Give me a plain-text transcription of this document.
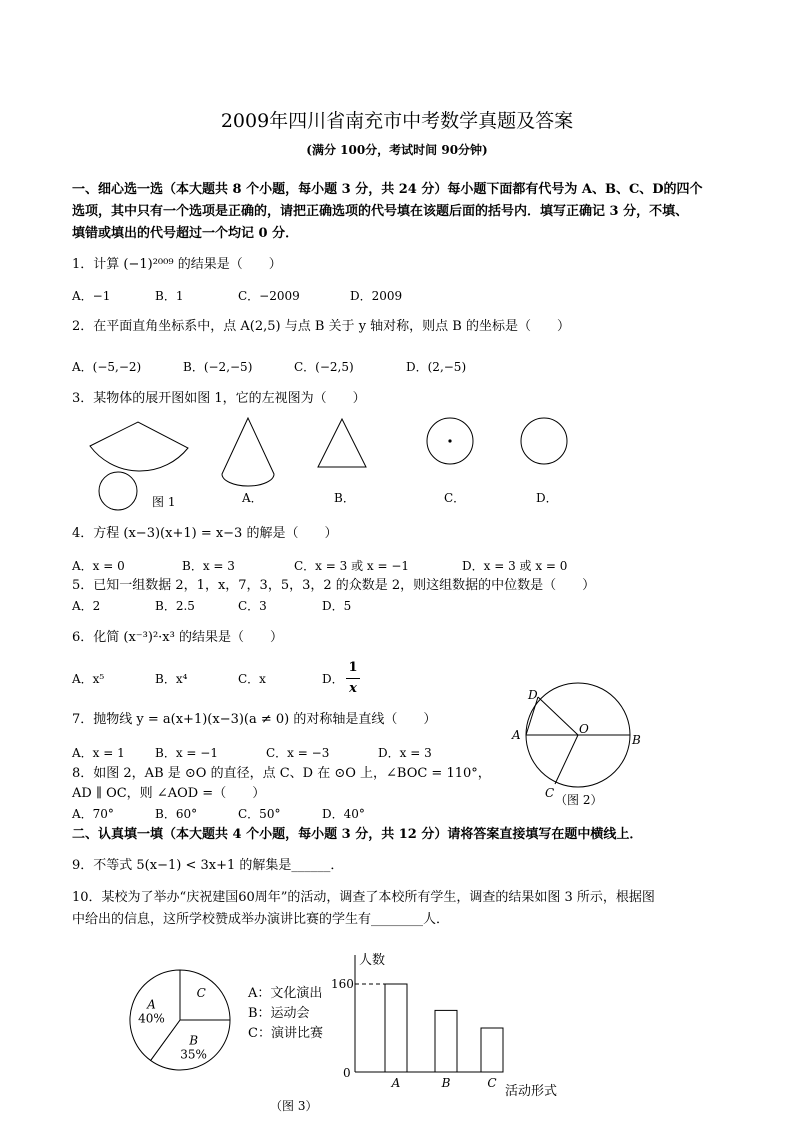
2009年四川省南充市中考数学真题及答案
(满分 100分，考试时间 90分钟)
一、细心选一选（本大题共 8 个小题，每小题 3 分，共 24 分）每小题下面都有代号为 A、B、C、D的四个
选项，其中只有一个选项是正确的，请把正确选项的代号填在该题后面的括号内．填写正确记 3 分，不填、
填错或填出的代号超过一个均记 0 分．
1．计算 (−1)²⁰⁰⁹ 的结果是（　　）
A．−1	B．1	C．−2009	D．2009
2．在平面直角坐标系中，点 A(2,5) 与点 B 关于 y 轴对称，则点 B 的坐标是（　　）
A．(−5,−2)	B．(−2,−5)	C．(−2,5)	D．(2,−5)
3．某物体的展开图如图 1，它的左视图为（　　）
图 1	A．	B．	C．	D．
4．方程 (x−3)(x+1) = x−3 的解是（　　）
A．x = 0	B．x = 3	C．x = 3 或 x = −1	D．x = 3 或 x = 0
5．已知一组数据 2，1，x，7，3，5，3，2 的众数是 2，则这组数据的中位数是（　　）
A．2	B．2.5	C．3	D．5
6．化简 (x⁻³)²·x³ 的结果是（　　）
A．x⁵	B．x⁴	C．x	D．
1
x
A	B
O
D
C （图 2）
7．抛物线 y = a(x+1)(x−3)(a ≠ 0) 的对称轴是直线（　　）
A．x = 1	B．x = −1	C．x = −3	D．x = 3
8．如图 2，AB 是 ⊙O 的直径，点 C、D 在 ⊙O 上，∠BOC = 110°，
AD ∥ OC，则 ∠AOD =（　　）
A．70°	B．60°	C．50°	D．40°
二、认真填一填（本大题共 4 个小题，每小题 3 分，共 12 分）请将答案直接填写在题中横线上．
9．不等式 5(x−1) < 3x+1 的解集是______．
10．某校为了举办“庆祝建国60周年”的活动，调查了本校所有学生，调查的结果如图 3 所示，根据图
中给出的信息，这所学校赞成举办演讲比赛的学生有________人．
A
40%
B
35%
C	A：文化演出
B：运动会
C：演讲比赛
人数
0
160
A	B	C
活动形式
（图 3）
